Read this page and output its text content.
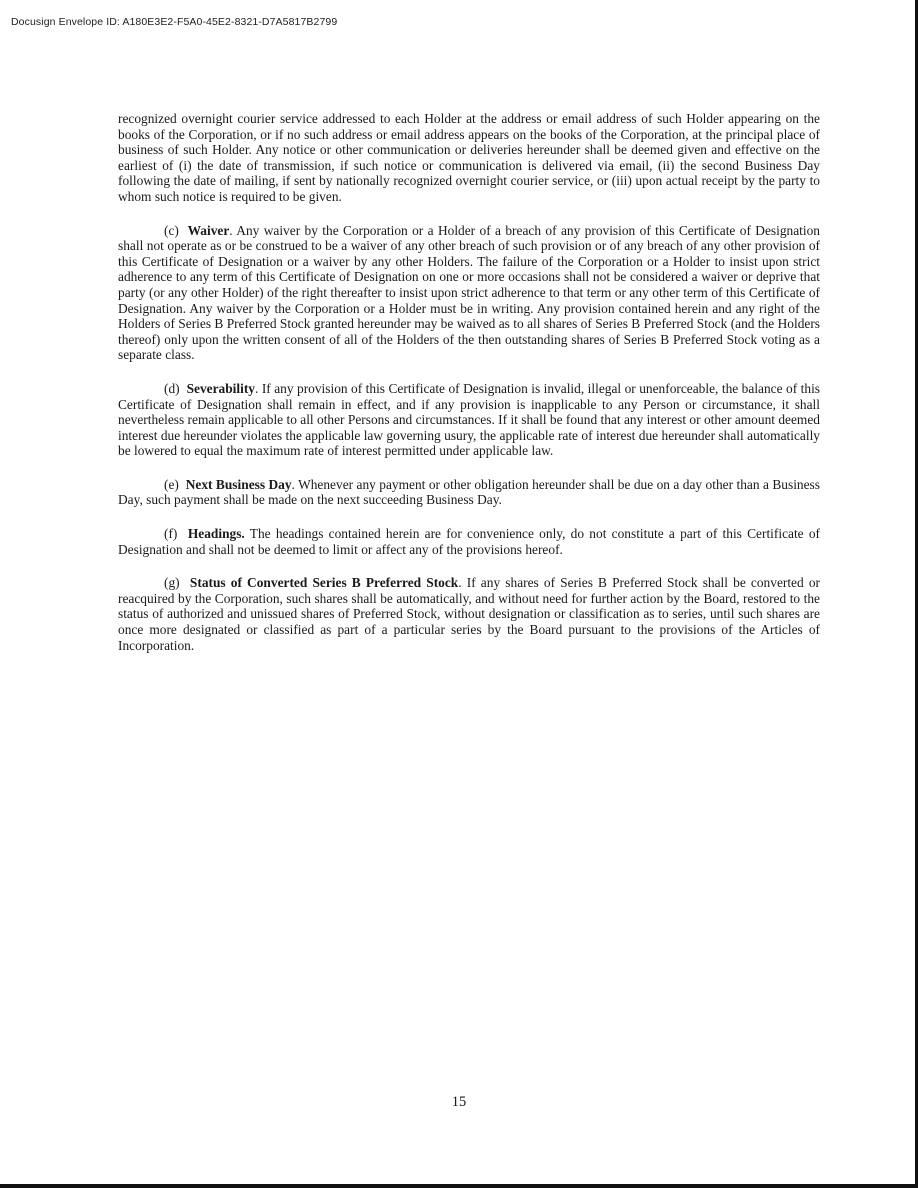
Docusign Envelope ID: A180E3E2-F5A0-45E2-8321-D7A5817B2799

recognized overnight courier service addressed to each Holder at the address or email address of such Holder appearing on the books of the Corporation, or if no such address or email address appears on the books of the Corporation, at the principal place of business of such Holder. Any notice or other communication or deliveries hereunder shall be deemed given and effective on the earliest of (i) the date of transmission, if such notice or communication is delivered via email, (ii) the second Business Day following the date of mailing, if sent by nationally recognized overnight courier service, or (iii) upon actual receipt by the party to whom such notice is required to be given.

(c) Waiver. Any waiver by the Corporation or a Holder of a breach of any provision of this Certificate of Designation shall not operate as or be construed to be a waiver of any other breach of such provision or of any breach of any other provision of this Certificate of Designation or a waiver by any other Holders. The failure of the Corporation or a Holder to insist upon strict adherence to any term of this Certificate of Designation on one or more occasions shall not be considered a waiver or deprive that party (or any other Holder) of the right thereafter to insist upon strict adherence to that term or any other term of this Certificate of Designation. Any waiver by the Corporation or a Holder must be in writing. Any provision contained herein and any right of the Holders of Series B Preferred Stock granted hereunder may be waived as to all shares of Series B Preferred Stock (and the Holders thereof) only upon the written consent of all of the Holders of the then outstanding shares of Series B Preferred Stock voting as a separate class.

(d) Severability. If any provision of this Certificate of Designation is invalid, illegal or unenforceable, the balance of this Certificate of Designation shall remain in effect, and if any provision is inapplicable to any Person or circumstance, it shall nevertheless remain applicable to all other Persons and circumstances. If it shall be found that any interest or other amount deemed interest due hereunder violates the applicable law governing usury, the applicable rate of interest due hereunder shall automatically be lowered to equal the maximum rate of interest permitted under applicable law.

(e) Next Business Day. Whenever any payment or other obligation hereunder shall be due on a day other than a Business Day, such payment shall be made on the next succeeding Business Day.

(f) Headings. The headings contained herein are for convenience only, do not constitute a part of this Certificate of Designation and shall not be deemed to limit or affect any of the provisions hereof.

(g) Status of Converted Series B Preferred Stock. If any shares of Series B Preferred Stock shall be converted or reacquired by the Corporation, such shares shall be automatically, and without need for further action by the Board, restored to the status of authorized and unissued shares of Preferred Stock, without designation or classification as to series, until such shares are once more designated or classified as part of a particular series by the Board pursuant to the provisions of the Articles of Incorporation.

15
